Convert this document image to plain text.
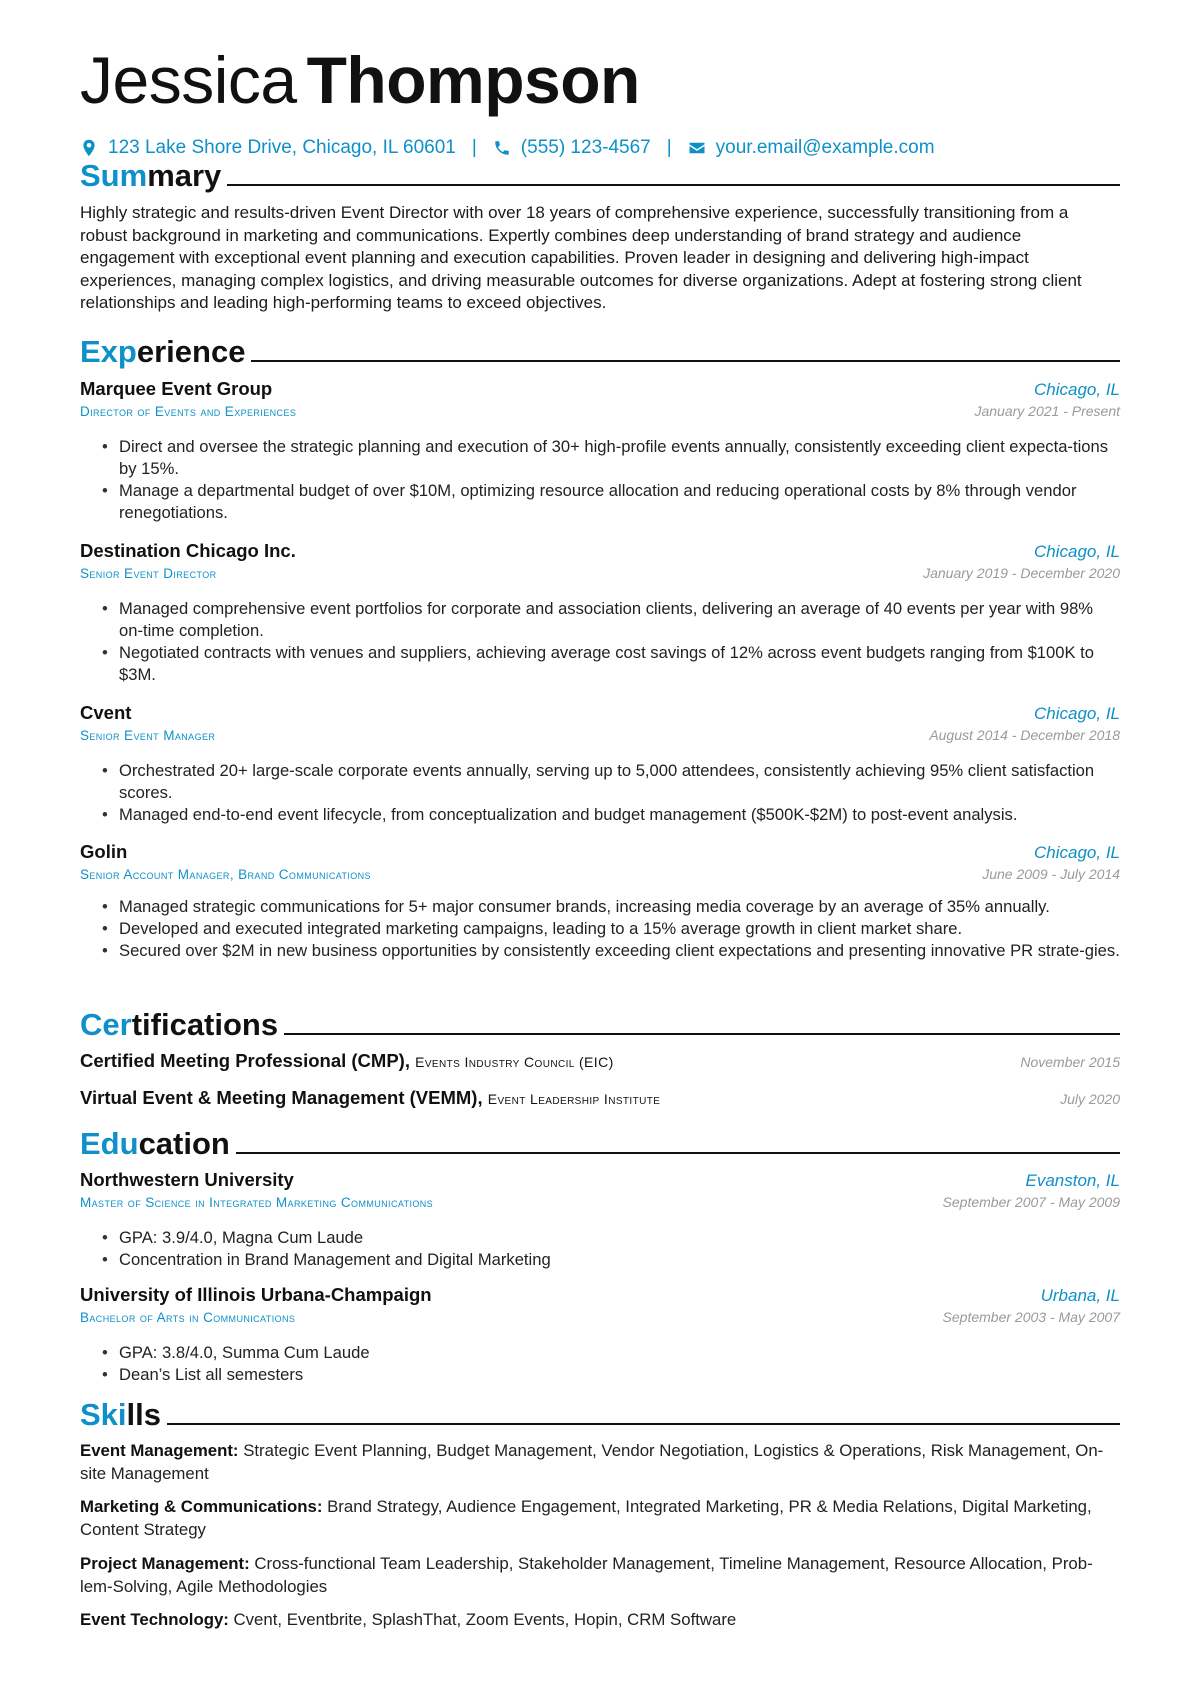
Jessica Thompson
123 Lake Shore Drive, Chicago, IL 60601 | (555) 123-4567 | your.email@example.com
Summary
Highly strategic and results-driven Event Director with over 18 years of comprehensive experience, successfully transitioning from a robust background in marketing and communications. Expertly combines deep understanding of brand strategy and audience engagement with exceptional event planning and execution capabilities. Proven leader in designing and delivering high-impact experiences, managing complex logistics, and driving measurable outcomes for diverse organizations. Adept at fostering strong client relationships and leading high-performing teams to exceed objectives.
Experience
Marquee Event Group	Chicago, IL
Director of Events and Experiences	January 2021 - Present
• Direct and oversee the strategic planning and execution of 30+ high-profile events annually, consistently exceeding client expecta-tions by 15%.
• Manage a departmental budget of over $10M, optimizing resource allocation and reducing operational costs by 8% through vendor renegotiations.
Destination Chicago Inc.	Chicago, IL
Senior Event Director	January 2019 - December 2020
• Managed comprehensive event portfolios for corporate and association clients, delivering an average of 40 events per year with 98% on-time completion.
• Negotiated contracts with venues and suppliers, achieving average cost savings of 12% across event budgets ranging from $100K to $3M.
Cvent	Chicago, IL
Senior Event Manager	August 2014 - December 2018
• Orchestrated 20+ large-scale corporate events annually, serving up to 5,000 attendees, consistently achieving 95% client satisfaction scores.
• Managed end-to-end event lifecycle, from conceptualization and budget management ($500K-$2M) to post-event analysis.
Golin	Chicago, IL
Senior Account Manager, Brand Communications	June 2009 - July 2014
• Managed strategic communications for 5+ major consumer brands, increasing media coverage by an average of 35% annually.
• Developed and executed integrated marketing campaigns, leading to a 15% average growth in client market share.
• Secured over $2M in new business opportunities by consistently exceeding client expectations and presenting innovative PR strate-gies.
Certifications
Certified Meeting Professional (CMP), Events Industry Council (EIC)	November 2015
Virtual Event & Meeting Management (VEMM), Event Leadership Institute	July 2020
Education
Northwestern University	Evanston, IL
Master of Science in Integrated Marketing Communications	September 2007 - May 2009
• GPA: 3.9/4.0, Magna Cum Laude
• Concentration in Brand Management and Digital Marketing
University of Illinois Urbana-Champaign	Urbana, IL
Bachelor of Arts in Communications	September 2003 - May 2007
• GPA: 3.8/4.0, Summa Cum Laude
• Dean’s List all semesters
Skills
Event Management: Strategic Event Planning, Budget Management, Vendor Negotiation, Logistics & Operations, Risk Management, On-site Management
Marketing & Communications: Brand Strategy, Audience Engagement, Integrated Marketing, PR & Media Relations, Digital Marketing, Content Strategy
Project Management: Cross-functional Team Leadership, Stakeholder Management, Timeline Management, Resource Allocation, Prob-lem-Solving, Agile Methodologies
Event Technology: Cvent, Eventbrite, SplashThat, Zoom Events, Hopin, CRM Software
